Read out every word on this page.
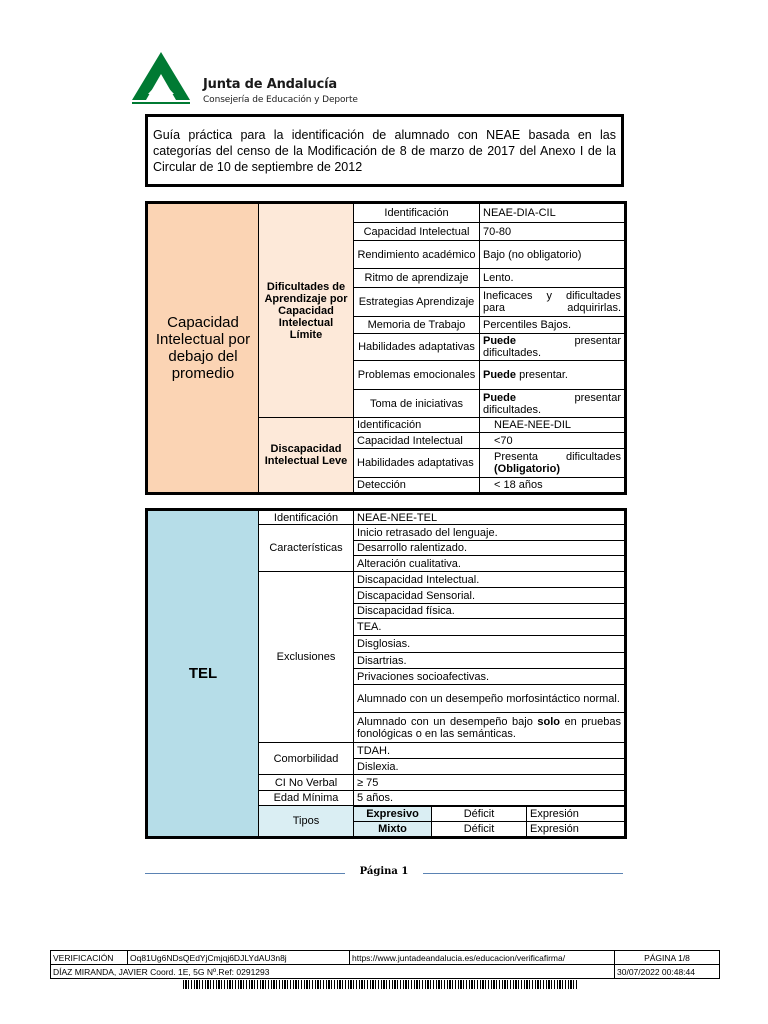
Junta de Andalucía
Consejería de Educación y Deporte
Guía práctica para la identificación de alumnado con NEAE basada en las categorías del censo de la Modificación de 8 de marzo de 2017 del Anexo I de la Circular de 10 de septiembre de 2012
Capacidad Intelectual por debajo del promedio	Dificultades de Aprendizaje por Capacidad Intelectual Límite	Identificación	NEAE-DIA-CIL
		Capacidad Intelectual	70-80
		Rendimiento académico	Bajo (no obligatorio)
		Ritmo de aprendizaje	Lento.
		Estrategias Aprendizaje	Ineficaces y dificultades para adquirirlas.
		Memoria de Trabajo	Percentiles Bajos.
		Habilidades adaptativas	Puede presentar
dificultades.

		Problemas emocionales	Puede presentar.
		Toma de iniciativas	Puede presentar
dificultades.

	Discapacidad Intelectual Leve	Identificación	NEAE-NEE-DIL
		Capacidad Intelectual	<70
		Habilidades adaptativas	Presenta dificultades
(Obligatorio)

		Detección	< 18 años
TEL	Identificación	NEAE-NEE-TEL		
	Características	Inicio retrasado del lenguaje.		
		Desarrollo ralentizado.		
		Alteración cualitativa.		
	Exclusiones	Discapacidad Intelectual.		
		Discapacidad Sensorial.		
		Discapacidad física.		
		TEA.		
		Disglosias.		
		Disartrias.		
		Privaciones socioafectivas.		
		Alumnado con un desempeño morfosintáctico normal.		
		Alumnado con un desempeño bajo solo en pruebas fonológicas o en las semánticas.		
	Comorbilidad	TDAH.		
		Dislexia.		
	CI No Verbal	≥ 75		
	Edad Mínima	5 años.		
	Tipos	Expresivo	Déficit	Expresión
		Mixto	Déficit	Expresión
Página 1
VERIFICACIÓN	Oq81Ug6NDsQEdYjCmjqj6DJLYdAU3n8j	https://www.juntadeandalucia.es/educacion/verificafirma/	PÁGINA 1/8
DÍAZ MIRANDA, JAVIER Coord. 1E, 5G Nº.Ref: 0291293			30/07/2022 00:48:44
